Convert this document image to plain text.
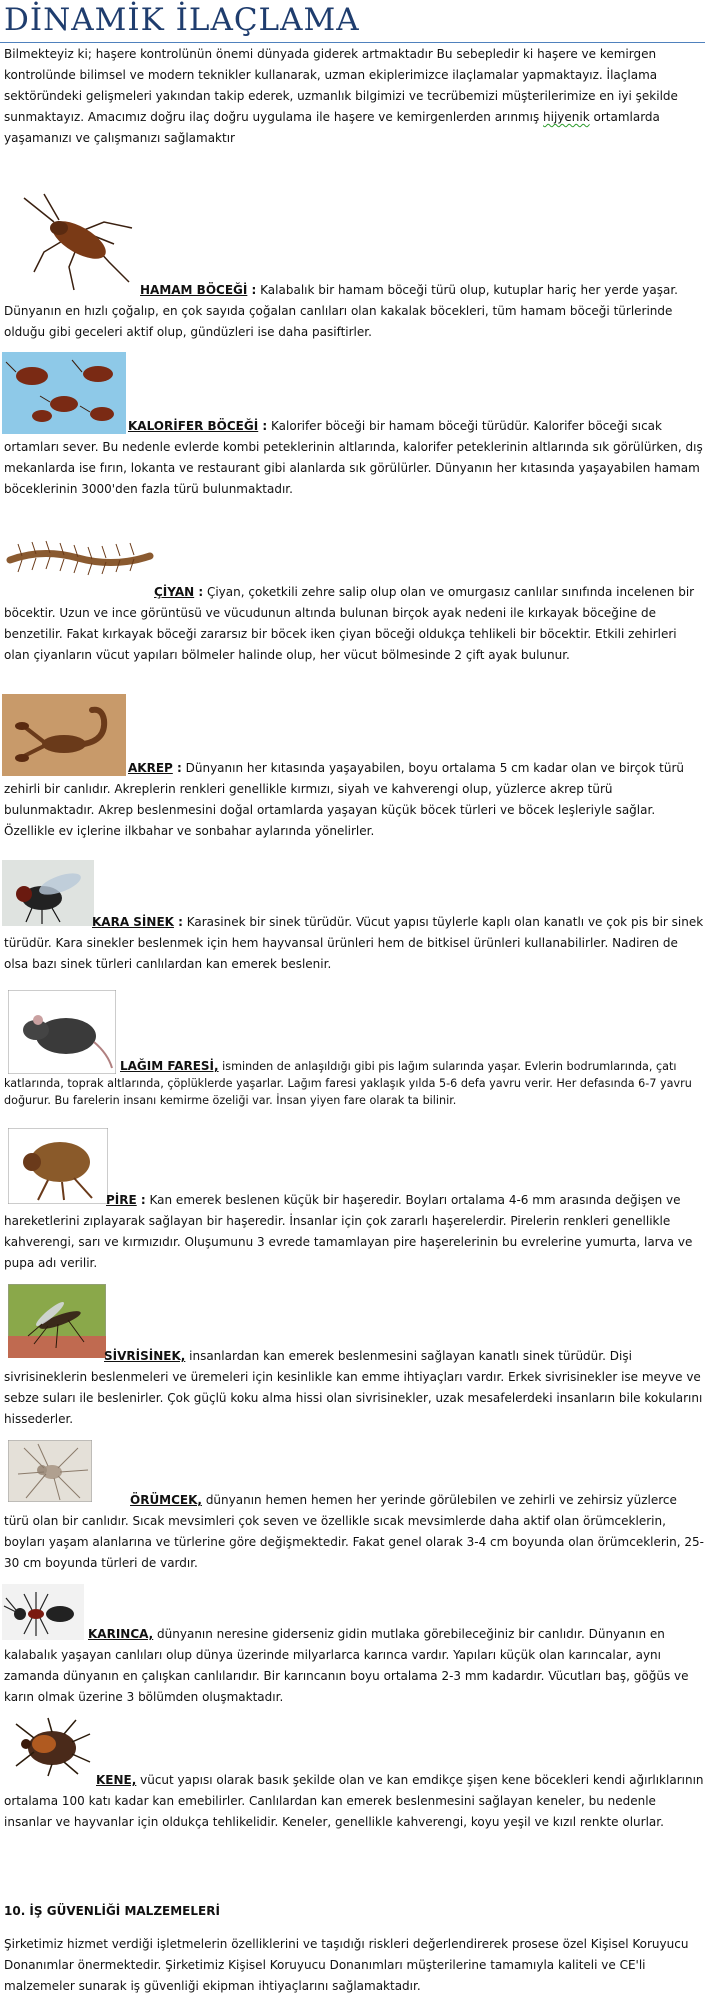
DİNAMİK İLAÇLAMA

Bilmekteyiz ki; haşere kontrolünün önemi dünyada giderek artmaktadır Bu sebepledir ki haşere ve kemirgen kontrolünde bilimsel ve modern teknikler kullanarak, uzman ekiplerimizce ilaçlamalar yapmaktayız. İlaçlama sektöründeki gelişmeleri yakından takip ederek, uzmanlık bilgimizi ve tecrübemizi müşterilerimize en iyi şekilde sunmaktayız. Amacımız doğru ilaç doğru uygulama ile haşere ve kemirgenlerden arınmış hijyenik ortamlarda yaşamanızı ve çalışmanızı sağlamaktır

HAMAM BÖCEĞİ : Kalabalık bir hamam böceği türü olup, kutuplar hariç her yerde yaşar. Dünyanın en hızlı çoğalıp, en çok sayıda çoğalan canlıları olan kakalak böcekleri, tüm hamam böceği türlerinde olduğu gibi geceleri aktif olup, gündüzleri ise daha pasiftirler.

KALORİFER BÖCEĞİ : Kalorifer böceği bir hamam böceği türüdür. Kalorifer böceği sıcak ortamları sever. Bu nedenle evlerde kombi peteklerinin altlarında, kalorifer peteklerinin altlarında sık görülürken, dış mekanlarda ise fırın, lokanta ve restaurant gibi alanlarda sık görülürler. Dünyanın her kıtasında yaşayabilen hamam böceklerinin 3000'den fazla türü bulunmaktadır.

ÇİYAN : Çiyan, çoketkili zehre salip olup olan ve omurgasız canlılar sınıfında incelenen bir böcektir. Uzun ve ince görüntüsü ve vücudunun altında bulunan birçok ayak nedeni ile kırkayak böceğine de benzetilir. Fakat kırkayak böceği zararsız bir böcek iken çiyan böceği oldukça tehlikeli bir böcektir. Etkili zehirleri olan çiyanların vücut yapıları bölmeler halinde olup, her vücut bölmesinde 2 çift ayak bulunur.

AKREP : Dünyanın her kıtasında yaşayabilen, boyu ortalama 5 cm kadar olan ve birçok türü zehirli bir canlıdır. Akreplerin renkleri genellikle kırmızı, siyah ve kahverengi olup, yüzlerce akrep türü bulunmaktadır. Akrep beslenmesini doğal ortamlarda yaşayan küçük böcek türleri ve böcek leşleriyle sağlar. Özellikle ev içlerine ilkbahar ve sonbahar aylarında yönelirler.

KARA SİNEK : Karasinek bir sinek türüdür. Vücut yapısı tüylerle kaplı olan kanatlı ve çok pis bir sinek türüdür. Kara sinekler beslenmek için hem hayvansal ürünleri hem de bitkisel ürünleri kullanabilirler. Nadiren de olsa bazı sinek türleri canlılardan kan emerek beslenir.

LAĞIM FARESİ, isminden de anlaşıldığı gibi pis lağım sularında yaşar. Evlerin bodrumlarında, çatı katlarında, toprak altlarında, çöplüklerde yaşarlar. Lağım faresi yaklaşık yılda 5-6 defa yavru verir. Her defasında 6-7 yavru doğurur. Bu farelerin insanı kemirme özeliği var. İnsan yiyen fare olarak ta bilinir.

PİRE : Kan emerek beslenen küçük bir haşeredir. Boyları ortalama 4-6 mm arasında değişen ve hareketlerini zıplayarak sağlayan bir haşeredir. İnsanlar için çok zararlı haşerelerdir. Pirelerin renkleri genellikle kahverengi, sarı ve kırmızıdır. Oluşumunu 3 evrede tamamlayan pire haşerelerinin bu evrelerine yumurta, larva ve pupa adı verilir.

SİVRİSİNEK, insanlardan kan emerek beslenmesini sağlayan kanatlı sinek türüdür. Dişi sivrisineklerin beslenmeleri ve üremeleri için kesinlikle kan emme ihtiyaçları vardır. Erkek sivrisinekler ise meyve ve sebze suları ile beslenirler. Çok güçlü koku alma hissi olan sivrisinekler, uzak mesafelerdeki insanların bile kokularını hissederler.

ÖRÜMCEK, dünyanın hemen hemen her yerinde görülebilen ve zehirli ve zehirsiz yüzlerce türü olan bir canlıdır. Sıcak mevsimleri çok seven ve özellikle sıcak mevsimlerde daha aktif olan örümceklerin, boyları yaşam alanlarına ve türlerine göre değişmektedir. Fakat genel olarak 3-4 cm boyunda olan örümceklerin, 25-30 cm boyunda türleri de vardır.

KARINCA, dünyanın neresine giderseniz gidin mutlaka görebileceğiniz bir canlıdır. Dünyanın en kalabalık yaşayan canlıları olup dünya üzerinde milyarlarca karınca vardır. Yapıları küçük olan karıncalar, aynı zamanda dünyanın en çalışkan canlılarıdır. Bir karıncanın boyu ortalama 2-3 mm kadardır. Vücutları baş, göğüs ve karın olmak üzerine 3 bölümden oluşmaktadır.

KENE, vücut yapısı olarak basık şekilde olan ve kan emdikçe şişen kene böcekleri kendi ağırlıklarının ortalama 100 katı kadar kan emebilirler. Canlılardan kan emerek beslenmesini sağlayan keneler, bu nedenle insanlar ve hayvanlar için oldukça tehlikelidir. Keneler, genellikle kahverengi, koyu yeşil ve kızıl renkte olurlar.

10. İŞ GÜVENLİĞİ MALZEMELERİ

Şirketimiz hizmet verdiği işletmelerin özelliklerini ve taşıdığı riskleri değerlendirerek prosese özel Kişisel Koruyucu Donanımlar önermektedir. Şirketimiz Kişisel Koruyucu Donanımları müşterilerine tamamıyla kaliteli ve CE'li malzemeler sunarak iş güvenliği ekipman ihtiyaçlarını sağlamaktadır.
